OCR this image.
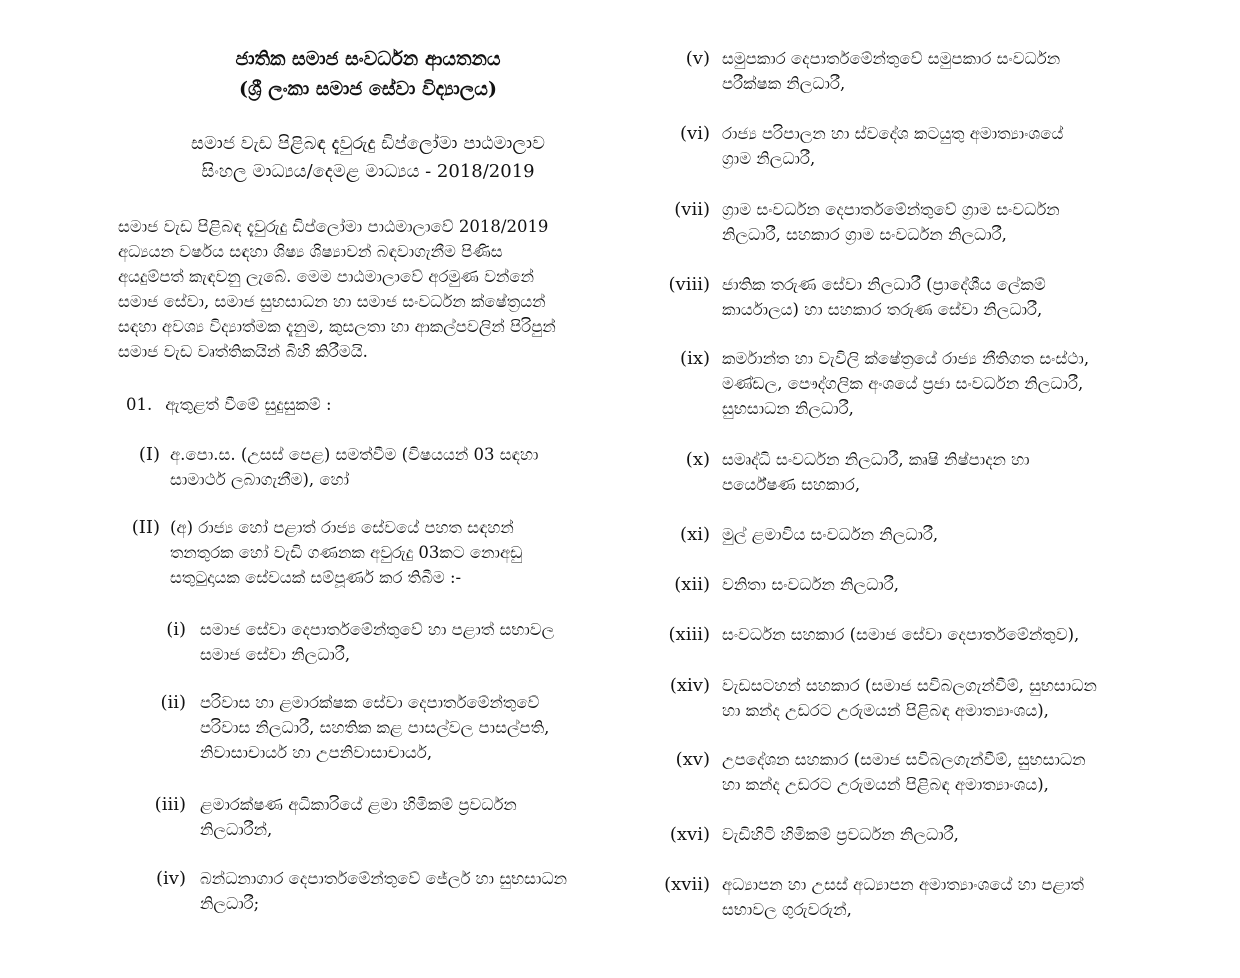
ජාතික සමාජ සංවර්ධන ආයතනය
(ශ්‍රී ලංකා සමාජ සේවා විද්‍යාලය)
සමාජ වැඩ පිළිබඳ දැවුරුදු ඩිප්ලෝමා පාඨමාලාව
සිංහල මාධ්‍යය/දෙමළ මාධ්‍යය - 2018/2019
සමාජ වැඩ පිළිබඳ දැවුරුදු ඩිප්ලෝමා පාඨමාලාවේ 2018/2019
අධ්‍යයන වර්ෂය සඳහා ශිෂ්‍ය ශිෂ්‍යාවන් බඳවාගැනීම පිණිස
අයදුම්පත් කැඳවනු ලැබේ. මෙම පාඨමාලාවේ අරමුණ වන්නේ
සමාජ සේවා, සමාජ සුභසාධන හා සමාජ සංවර්ධන ක්ෂේත්‍රයන්
සඳහා අවශ්‍ය විද්‍යාත්මක දැනුම, කුසලතා හා ආකල්පවලින් පිරිපුන්
සමාජ වැඩ වෘත්තිකයින් බිහි කිරීමයි.
01. ඇතුළත් වීමේ සුදුසුකම් :
(I) අ.පො.ස. (උසස් පෙළ) සමත්වීම (විෂයයන් 03 සඳහා
සාමාර්ථ ලබාගැනීම), හෝ
(II) (අ) රාජ්‍ය හෝ පළාත් රාජ්‍ය සේවයේ පහත සඳහන්
තනතුරක හෝ වැඩි ගණනක අවුරුදු 03කට නොඅඩු
සතුටුදායක සේවයක් සම්පූර්ණ කර තිබීම :-
(i) සමාජ සේවා දෙපාර්තමේන්තුවේ හා පළාත් සභාවල
සමාජ සේවා නිලධාරී,
(ii) පරිවාස හා ළමාරක්ෂක සේවා දෙපාර්තමේන්තුවේ
පරිවාස නිලධාරී, සහතික කළ පාසල්වල පාසල්පති,
නිවාසාචාර්ය හා උපනිවාසාචාර්ය,
(iii) ළමාරක්ෂණ අධිකාරියේ ළමා හිමිකම් ප්‍රවර්ධන
නිලධාරීන්,
(iv) බන්ධනාගාර දෙපාර්තමේන්තුවේ ජේලර් හා සුභසාධන
නිලධාරී;
(v) සමුපකාර දෙපාර්තමේන්තුවේ සමුපකාර සංවර්ධන
පරීක්ෂක නිලධාරී,
(vi) රාජ්‍ය පරිපාලන හා ස්වදේශ කටයුතු අමාත්‍යාංශයේ
ග්‍රාම නිලධාරී,
(vii) ග්‍රාම සංවර්ධන දෙපාර්තමේන්තුවේ ග්‍රාම සංවර්ධන
නිලධාරී, සහකාර ග්‍රාම සංවර්ධන නිලධාරී,
(viii) ජාතික තරුණ සේවා නිලධාරී (ප්‍රාදේශීය ලේකම්
කාර්යාලය) හා සහකාර තරුණ සේවා නිලධාරී,
(ix) කර්මාන්ත හා වැවිලි ක්ෂේත්‍රයේ රාජ්‍ය නීතිගත සංස්ථා,
මණ්ඩල, පෞද්ගලික අංශයේ ප්‍රජා සංවර්ධන නිලධාරී,
සුභසාධන නිලධාරී,
(x) සමෘද්ධි සංවර්ධන නිලධාරී, කෘෂි නිෂ්පාදන හා
පර්යේෂණ සහකාර,
(xi) මුල් ළමාවිය සංවර්ධන නිලධාරී,
(xii) වනිතා සංවර්ධන නිලධාරී,
(xiii) සංවර්ධන සහකාර (සමාජ සේවා දෙපාර්තමේන්තුව),
(xiv) වැඩසටහන් සහකාර (සමාජ සවිබලගැන්වීම්, සුභසාධන
හා කන්ද උඩරට උරුමයන් පිළිබඳ අමාත්‍යාංශය),
(xv) උපදේශන සහකාර (සමාජ සවිබලගැන්වීම්, සුභසාධන
හා කන්ද උඩරට උරුමයන් පිළිබඳ අමාත්‍යාංශය),
(xvi) වැඩිහිටි හිමිකම් ප්‍රවර්ධන නිලධාරී,
(xvii) අධ්‍යාපන හා උසස් අධ්‍යාපන අමාත්‍යාංශයේ හා පළාත්
සභාවල ගුරුවරුන්,
